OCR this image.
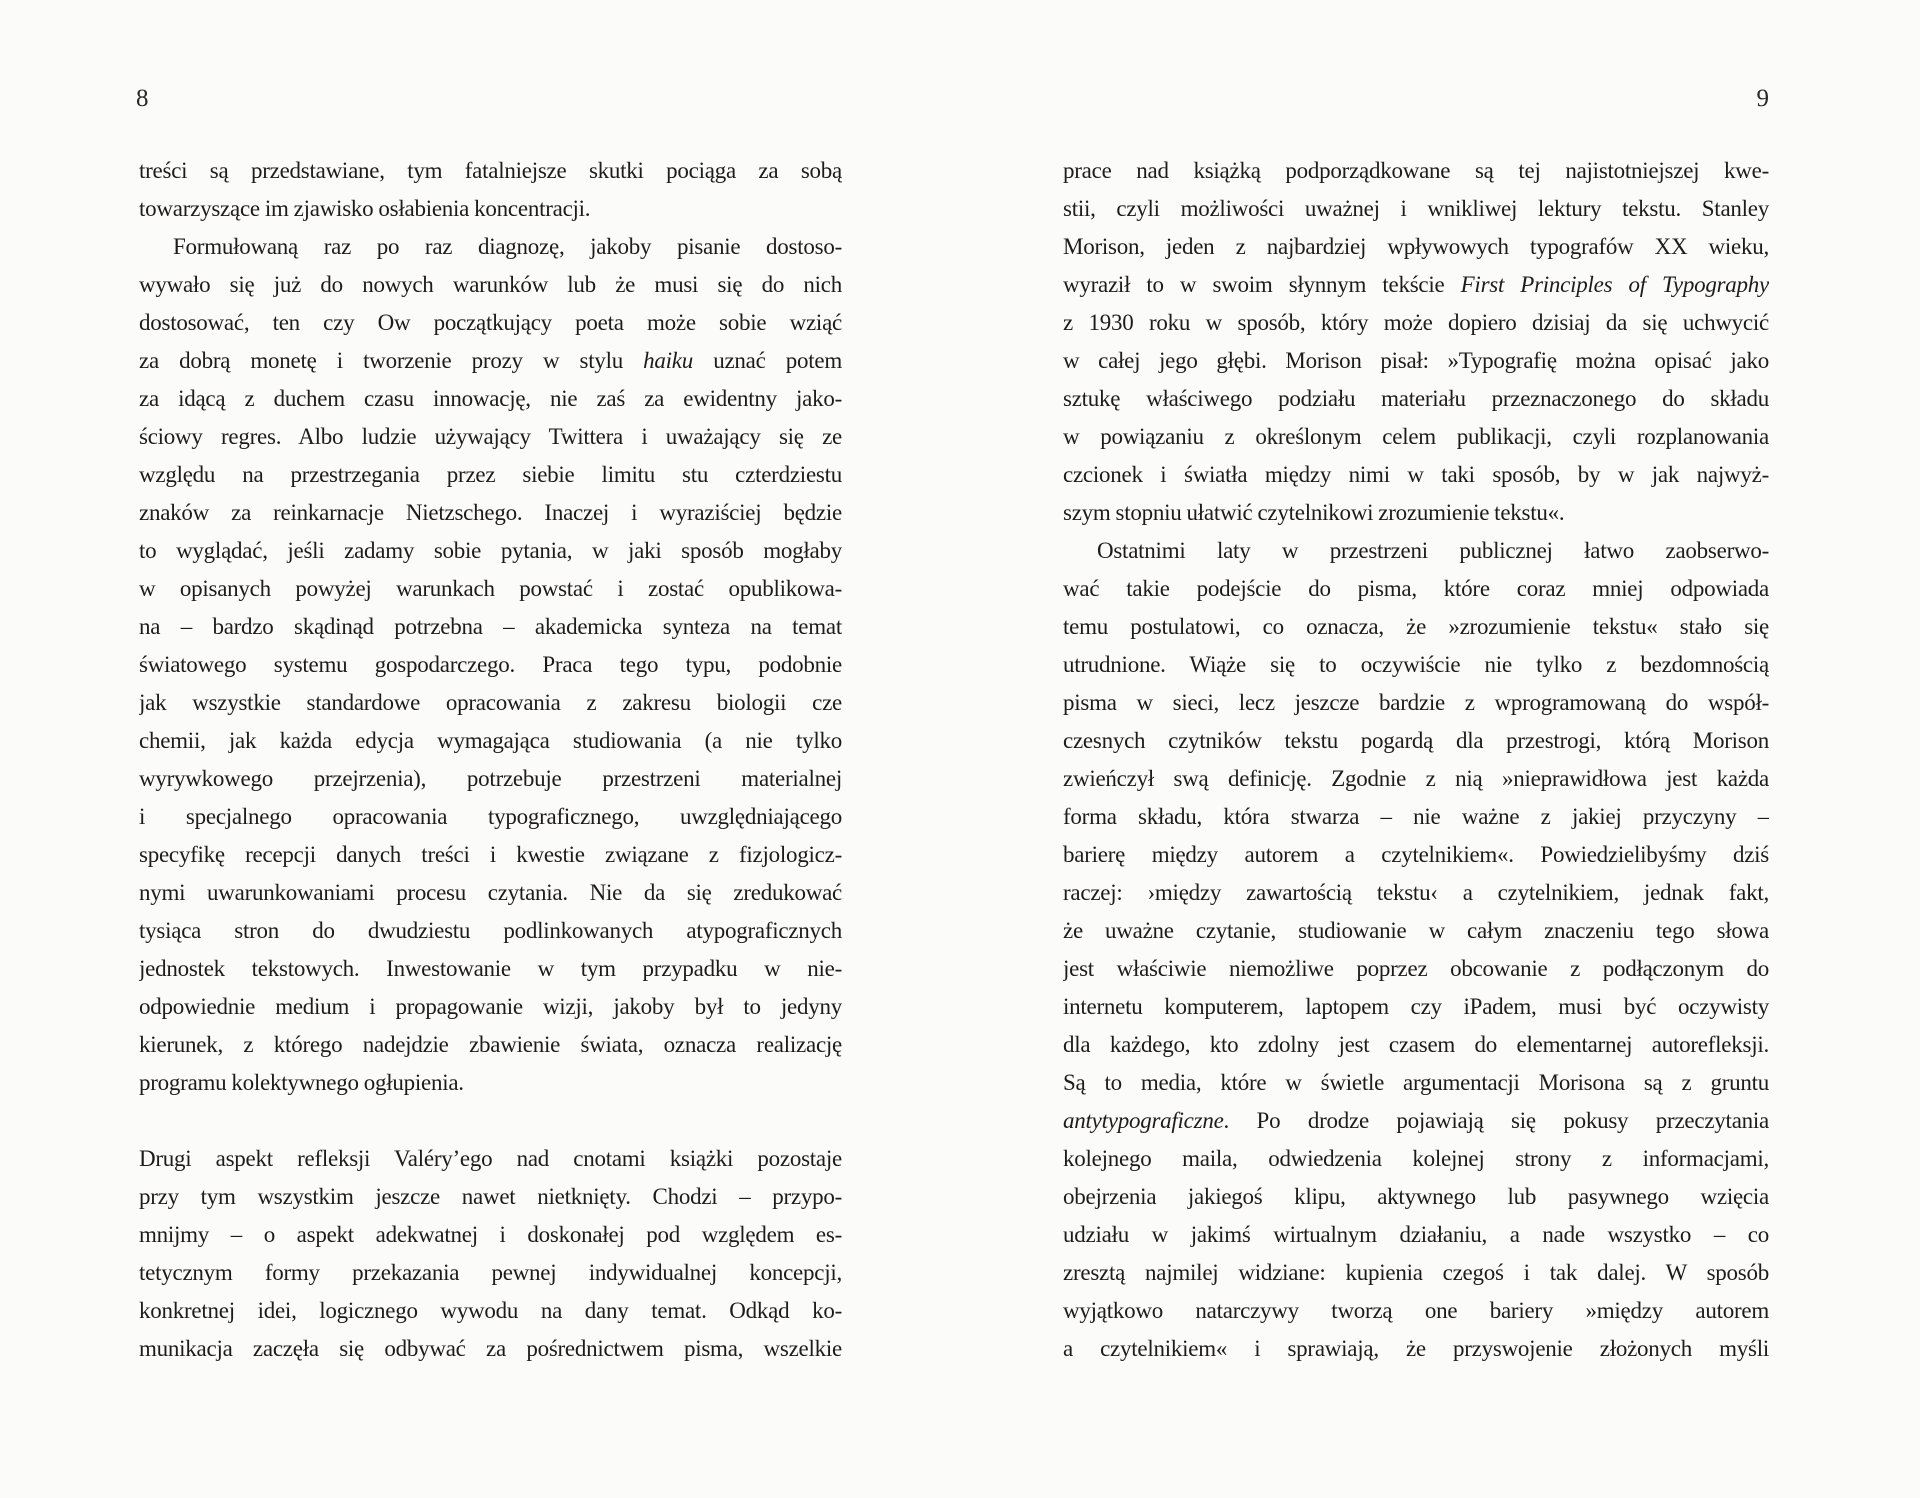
8	9
treści są przedstawiane, tym fatalniejsze skutki pociąga za sobą
towarzyszące im zjawisko osłabienia koncentracji.
Formułowaną raz po raz diagnozę, jakoby pisanie dostoso-
wywało się już do nowych warunków lub że musi się do nich
dostosować, ten czy Ow początkujący poeta może sobie wziąć
za dobrą monetę i tworzenie prozy w stylu haiku uznać potem
za idącą z duchem czasu innowację, nie zaś za ewidentny jako-
ściowy regres. Albo ludzie używający Twittera i uważający się ze
względu na przestrzegania przez siebie limitu stu czterdziestu
znaków za reinkarnacje Nietzschego. Inaczej i wyraziściej będzie
to wyglądać, jeśli zadamy sobie pytania, w jaki sposób mogłaby
w opisanych powyżej warunkach powstać i zostać opublikowa-
na – bardzo skądinąd potrzebna – akademicka synteza na temat
światowego systemu gospodarczego. Praca tego typu, podobnie
jak wszystkie standardowe opracowania z zakresu biologii cze
chemii, jak każda edycja wymagająca studiowania (a nie tylko
wyrywkowego przejrzenia), potrzebuje przestrzeni materialnej
i specjalnego opracowania typograficznego, uwzględniającego
specyfikę recepcji danych treści i kwestie związane z fizjologicz-
nymi uwarunkowaniami procesu czytania. Nie da się zredukować
tysiąca stron do dwudziestu podlinkowanych atypograficznych
jednostek tekstowych. Inwestowanie w tym przypadku w nie-
odpowiednie medium i propagowanie wizji, jakoby był to jedyny
kierunek, z którego nadejdzie zbawienie świata, oznacza realizację
programu kolektywnego ogłupienia.
Drugi aspekt refleksji Valéry’ego nad cnotami książki pozostaje
przy tym wszystkim jeszcze nawet nietknięty. Chodzi – przypo-
mnijmy – o aspekt adekwatnej i doskonałej pod względem es-
tetycznym formy przekazania pewnej indywidualnej koncepcji,
konkretnej idei, logicznego wywodu na dany temat. Odkąd ko-
munikacja zaczęła się odbywać za pośrednictwem pisma, wszelkie
prace nad książką podporządkowane są tej najistotniejszej kwe-
stii, czyli możliwości uważnej i wnikliwej lektury tekstu. Stanley
Morison, jeden z najbardziej wpływowych typografów XX wieku,
wyraził to w swoim słynnym tekście First Principles of Typography
z 1930 roku w sposób, który może dopiero dzisiaj da się uchwycić
w całej jego głębi. Morison pisał: »Typografię można opisać jako
sztukę właściwego podziału materiału przeznaczonego do składu
w powiązaniu z określonym celem publikacji, czyli rozplanowania
czcionek i światła między nimi w taki sposób, by w jak najwyż-
szym stopniu ułatwić czytelnikowi zrozumienie tekstu«.
Ostatnimi laty w przestrzeni publicznej łatwo zaobserwo-
wać takie podejście do pisma, które coraz mniej odpowiada
temu postulatowi, co oznacza, że »zrozumienie tekstu« stało się
utrudnione. Wiąże się to oczywiście nie tylko z bezdomnością
pisma w sieci, lecz jeszcze bardzie z wprogramowaną do współ-
czesnych czytników tekstu pogardą dla przestrogi, którą Morison
zwieńczył swą definicję. Zgodnie z nią »nieprawidłowa jest każda
forma składu, która stwarza – nie ważne z jakiej przyczyny –
barierę między autorem a czytelnikiem«. Powiedzielibyśmy dziś
raczej: ›między zawartością tekstu‹ a czytelnikiem, jednak fakt,
że uważne czytanie, studiowanie w całym znaczeniu tego słowa
jest właściwie niemożliwe poprzez obcowanie z podłączonym do
internetu komputerem, laptopem czy iPadem, musi być oczywisty
dla każdego, kto zdolny jest czasem do elementarnej autorefleksji.
Są to media, które w świetle argumentacji Morisona są z gruntu
antytypograficzne. Po drodze pojawiają się pokusy przeczytania
kolejnego maila, odwiedzenia kolejnej strony z informacjami,
obejrzenia jakiegoś klipu, aktywnego lub pasywnego wzięcia
udziału w jakimś wirtualnym działaniu, a nade wszystko – co
zresztą najmilej widziane: kupienia czegoś i tak dalej. W sposób
wyjątkowo natarczywy tworzą one bariery »między autorem
a czytelnikiem« i sprawiają, że przyswojenie złożonych myśli
